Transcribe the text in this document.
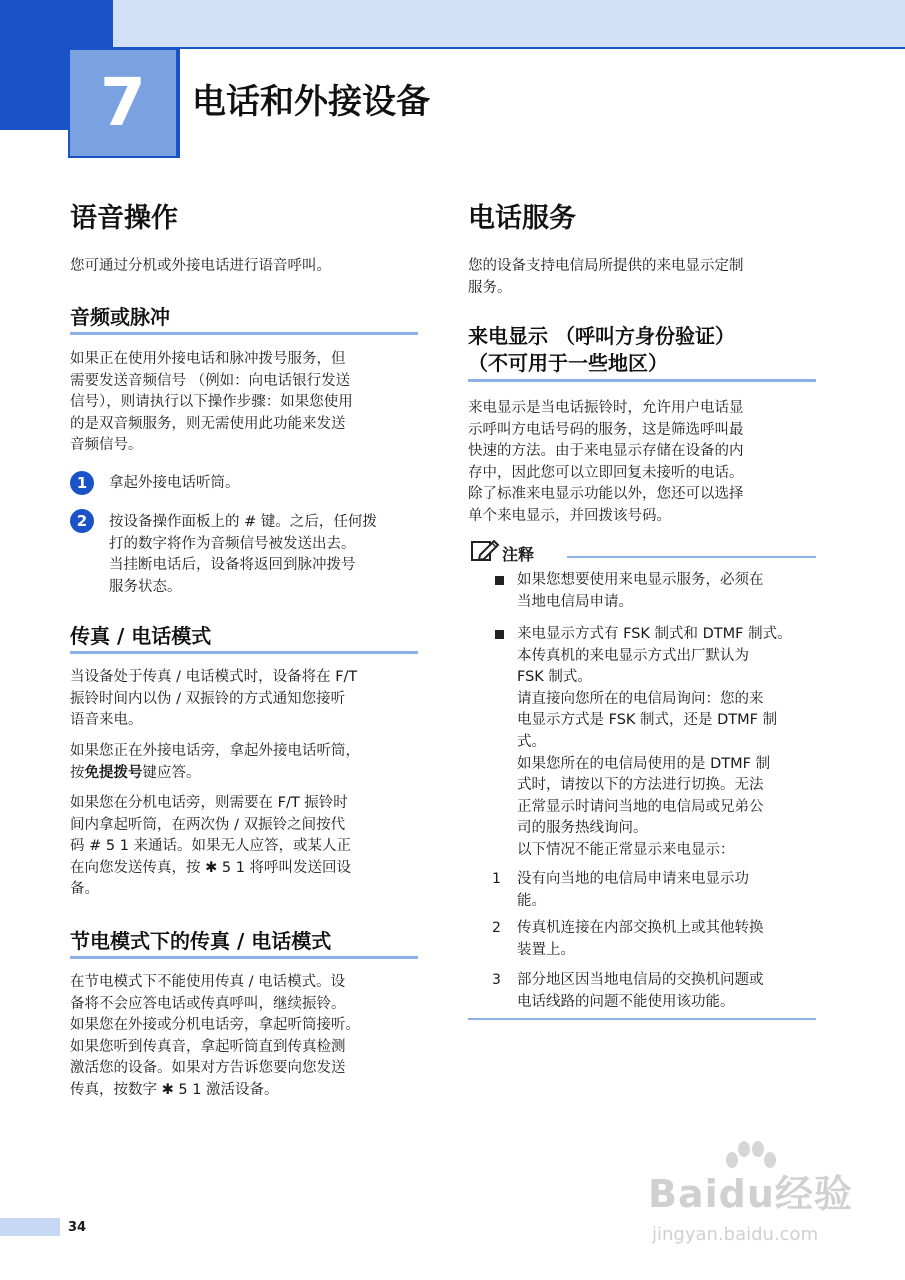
7	电话和外接设备
语音操作
您可通过分机或外接电话进行语音呼叫。
音频或脉冲
如果正在使用外接电话和脉冲拨号服务，但
需要发送音频信号 （例如：向电话银行发送
信号），则请执行以下操作步骤：如果您使用
的是双音频服务，则无需使用此功能来发送
音频信号。
1	拿起外接电话听筒。
2	按设备操作面板上的 # 键。之后，任何拨
打的数字将作为音频信号被发送出去。
当挂断电话后，设备将返回到脉冲拨号
服务状态。
传真 / 电话模式
当设备处于传真 / 电话模式时，设备将在 F/T
振铃时间内以伪 / 双振铃的方式通知您接听
语音来电。
如果您正在外接电话旁，拿起外接电话听筒，
按免提拨号键应答。
如果您在分机电话旁，则需要在 F/T 振铃时
间内拿起听筒，在两次伪 / 双振铃之间按代
码 # 5 1 来通话。如果无人应答，或某人正
在向您发送传真，按 ✱ 5 1 将呼叫发送回设
备。
节电模式下的传真 / 电话模式
在节电模式下不能使用传真 / 电话模式。设
备将不会应答电话或传真呼叫，继续振铃。
如果您在外接或分机电话旁，拿起听筒接听。
如果您听到传真音，拿起听筒直到传真检测
激活您的设备。如果对方告诉您要向您发送
传真，按数字 ✱ 5 1 激活设备。
电话服务
您的设备支持电信局所提供的来电显示定制
服务。
来电显示 （呼叫方身份验证）
（不可用于一些地区）
来电显示是当电话振铃时，允许用户电话显
示呼叫方电话号码的服务，这是筛选呼叫最
快速的方法。由于来电显示存储在设备的内
存中，因此您可以立即回复未接听的电话。
除了标准来电显示功能以外，您还可以选择
单个来电显示，并回拨该号码。
注释
如果您想要使用来电显示服务，必须在
当地电信局申请。
来电显示方式有 FSK 制式和 DTMF 制式。
本传真机的来电显示方式出厂默认为
FSK 制式。
请直接向您所在的电信局询问：您的来
电显示方式是 FSK 制式，还是 DTMF 制
式。
如果您所在的电信局使用的是 DTMF 制
式时，请按以下的方法进行切换。无法
正常显示时请问当地的电信局或兄弟公
司的服务热线询问。
以下情况不能正常显示来电显示：
1 没有向当地的电信局申请来电显示功
能。
2 传真机连接在内部交换机上或其他转换
装置上。
3 部分地区因当地电信局的交换机问题或
电话线路的问题不能使用该功能。
Baidu经验
jingyan.baidu.com
34
